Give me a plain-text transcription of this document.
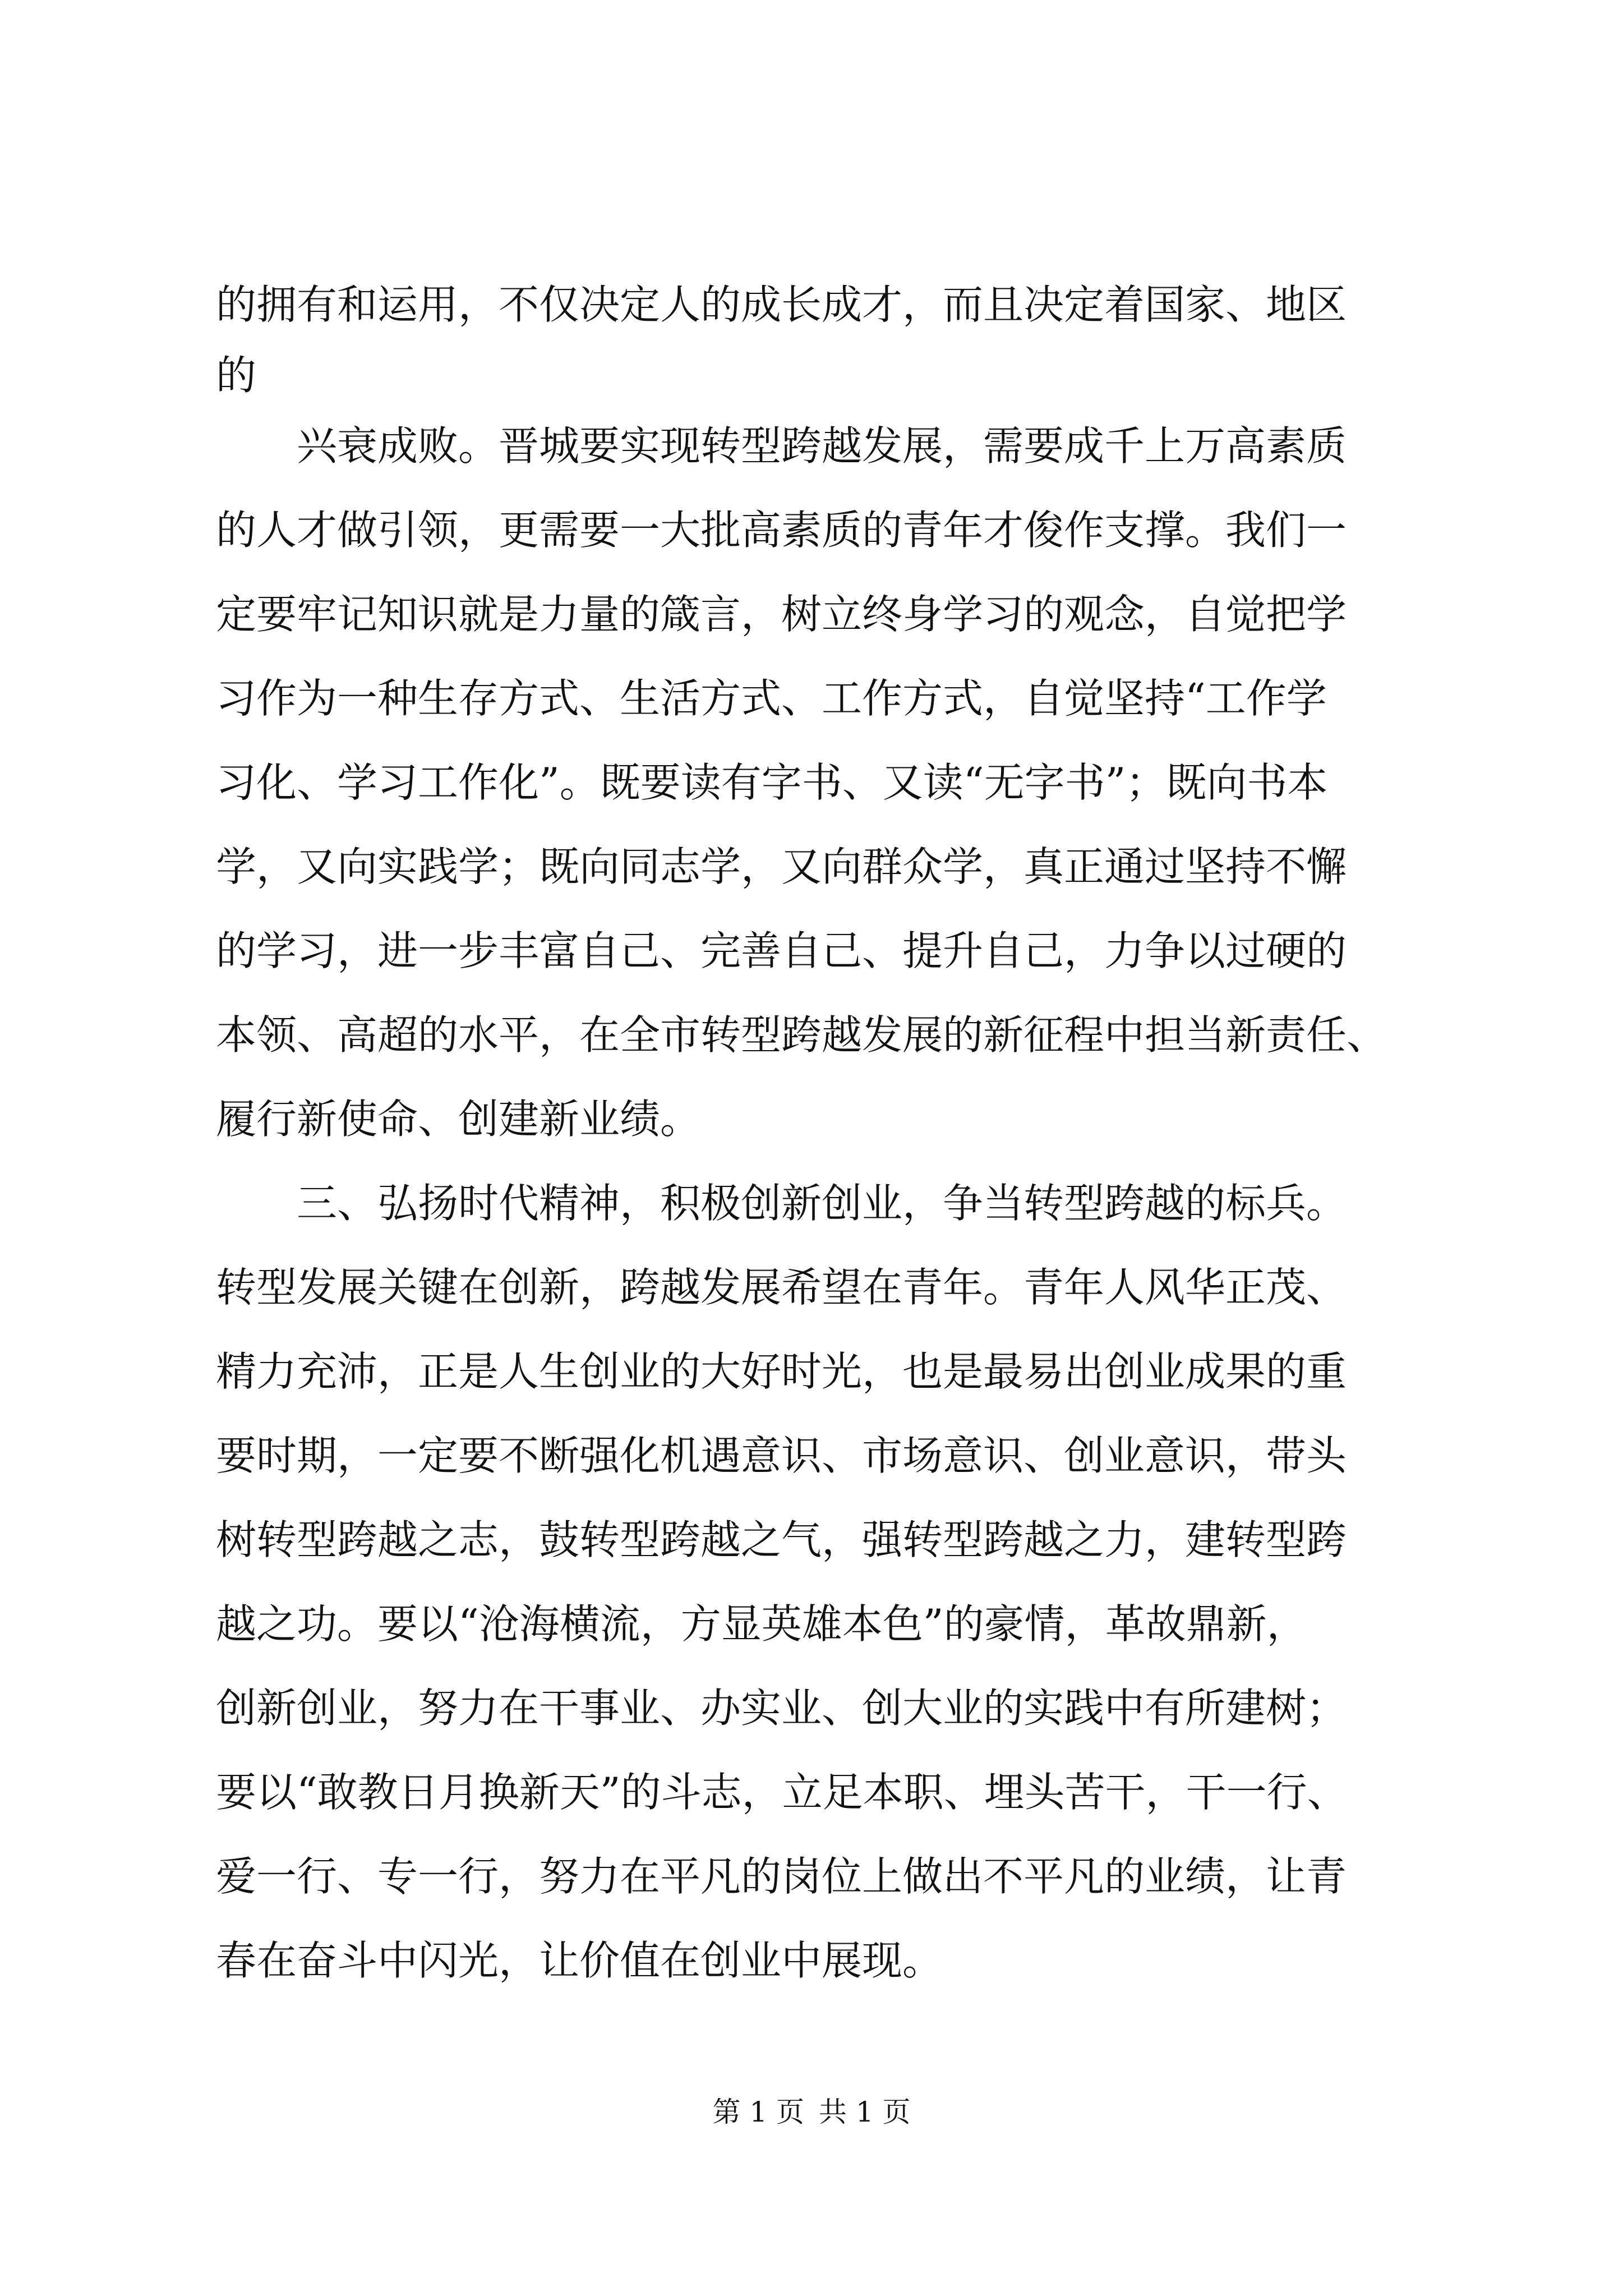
的拥有和运用，不仅决定人的成长成才，而且决定着国家、地区
的
兴衰成败。晋城要实现转型跨越发展，需要成千上万高素质
的人才做引领，更需要一大批高素质的青年才俊作支撑。我们一
定要牢记知识就是力量的箴言，树立终身学习的观念，自觉把学
习作为一种生存方式、生活方式、工作方式，自觉坚持“工作学
习化、学习工作化”。既要读有字书、又读“无字书”；既向书本
学，又向实践学；既向同志学，又向群众学，真正通过坚持不懈
的学习，进一步丰富自己、完善自己、提升自己，力争以过硬的
本领、高超的水平，在全市转型跨越发展的新征程中担当新责任、
履行新使命、创建新业绩。
三、弘扬时代精神，积极创新创业，争当转型跨越的标兵。
转型发展关键在创新，跨越发展希望在青年。青年人风华正茂、
精力充沛，正是人生创业的大好时光，也是最易出创业成果的重
要时期，一定要不断强化机遇意识、市场意识、创业意识，带头
树转型跨越之志，鼓转型跨越之气，强转型跨越之力，建转型跨
越之功。要以“沧海横流，方显英雄本色”的豪情，革故鼎新，
创新创业，努力在干事业、办实业、创大业的实践中有所建树；
要以“敢教日月换新天”的斗志，立足本职、埋头苦干，干一行、
爱一行、专一行，努力在平凡的岗位上做出不平凡的业绩，让青
春在奋斗中闪光，让价值在创业中展现。
第 1 页 共 1 页
